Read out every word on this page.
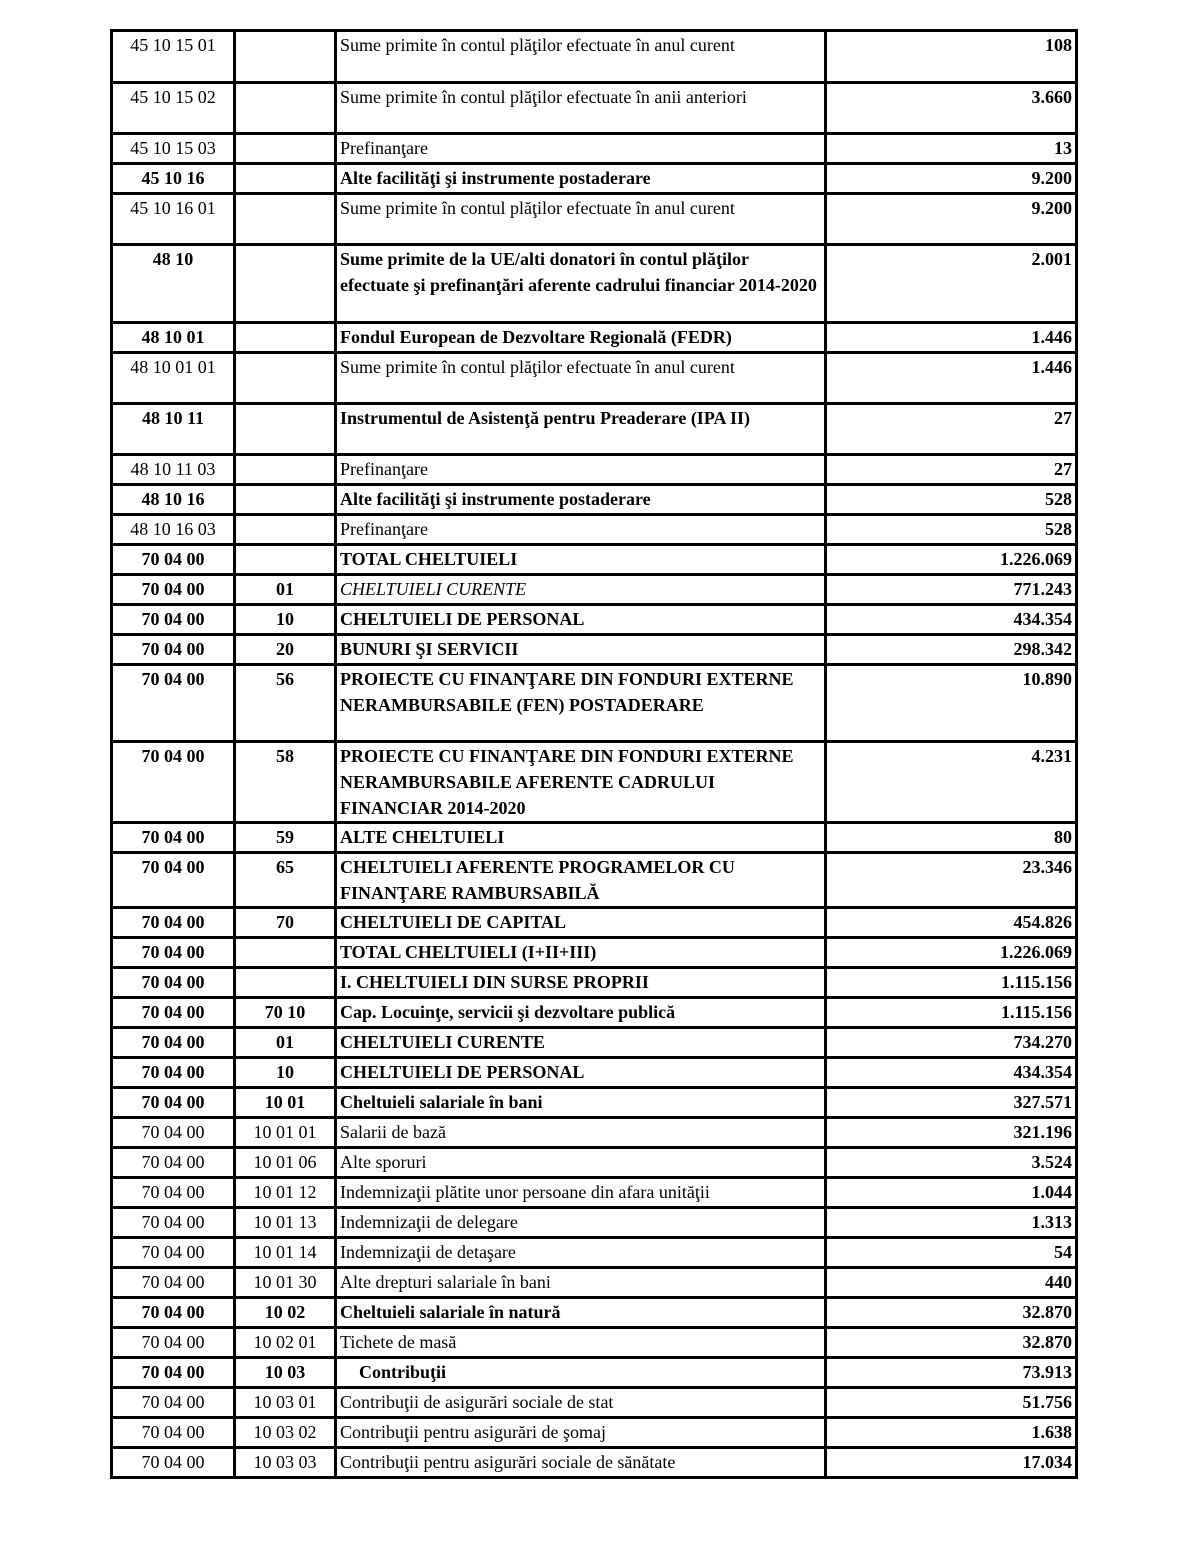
45 10 15 01		Sume primite în contul plăţilor efectuate în anul curent	108
45 10 15 02		Sume primite în contul plăţilor efectuate în anii anteriori	3.660
45 10 15 03		Prefinanţare	13
45 10 16		Alte facilităţi şi instrumente postaderare	9.200
45 10 16 01		Sume primite în contul plăţilor efectuate în anul curent	9.200
48 10		Sume primite de la UE/alti donatori în contul plăţilor efectuate şi prefinanţări aferente cadrului financiar 2014-2020	2.001
48 10 01		Fondul European de Dezvoltare Regională (FEDR)	1.446
48 10 01 01		Sume primite în contul plăţilor efectuate în anul curent	1.446
48 10 11		Instrumentul de Asistenţă pentru Preaderare (IPA II)	27
48 10 11 03		Prefinanţare	27
48 10 16		Alte facilităţi şi instrumente postaderare	528
48 10 16 03		Prefinanţare	528
70 04 00		TOTAL CHELTUIELI	1.226.069
70 04 00	01	CHELTUIELI CURENTE	771.243
70 04 00	10	CHELTUIELI DE PERSONAL	434.354
70 04 00	20	BUNURI ŞI SERVICII	298.342
70 04 00	56	PROIECTE CU FINANŢARE DIN FONDURI EXTERNE NERAMBURSABILE (FEN) POSTADERARE	10.890
70 04 00	58	PROIECTE CU FINANŢARE DIN FONDURI EXTERNE NERAMBURSABILE AFERENTE CADRULUI FINANCIAR 2014-2020	4.231
70 04 00	59	ALTE CHELTUIELI	80
70 04 00	65	CHELTUIELI AFERENTE PROGRAMELOR CU FINANŢARE RAMBURSABILĂ	23.346
70 04 00	70	CHELTUIELI DE CAPITAL	454.826
70 04 00		TOTAL CHELTUIELI (I+II+III)	1.226.069
70 04 00		I. CHELTUIELI DIN SURSE PROPRII	1.115.156
70 04 00	70 10	Cap. Locuinţe, servicii şi dezvoltare publică	1.115.156
70 04 00	01	CHELTUIELI CURENTE	734.270
70 04 00	10	CHELTUIELI DE PERSONAL	434.354
70 04 00	10 01	Cheltuieli salariale în bani	327.571
70 04 00	10 01 01	Salarii de bază	321.196
70 04 00	10 01 06	Alte sporuri	3.524
70 04 00	10 01 12	Indemnizaţii plătite unor persoane din afara unităţii	1.044
70 04 00	10 01 13	Indemnizaţii de delegare	1.313
70 04 00	10 01 14	Indemnizaţii de detaşare	54
70 04 00	10 01 30	Alte drepturi salariale în bani	440
70 04 00	10 02	Cheltuieli salariale în natură	32.870
70 04 00	10 02 01	Tichete de masă	32.870
70 04 00	10 03	Contribuţii	73.913
70 04 00	10 03 01	Contribuţii de asigurări sociale de stat	51.756
70 04 00	10 03 02	Contribuţii pentru asigurări de şomaj	1.638
70 04 00	10 03 03	Contribuţii pentru asigurări sociale de sănătate	17.034
